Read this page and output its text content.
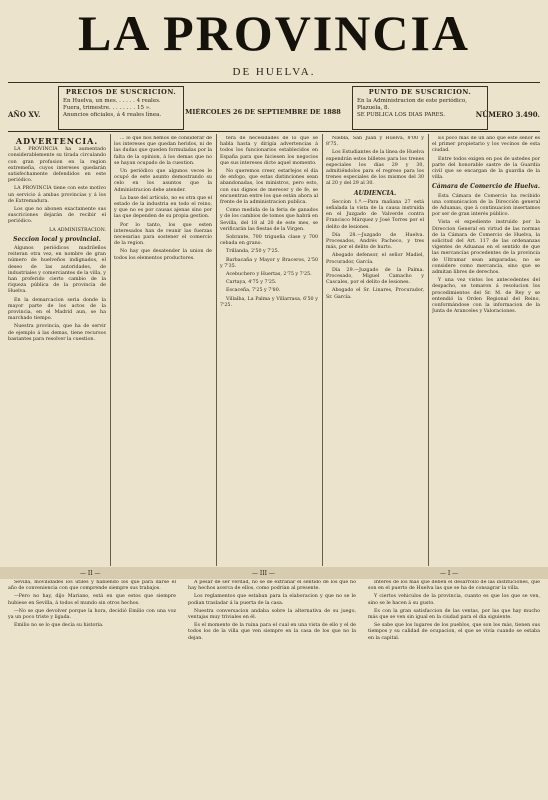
LA PROVINCIA
DE HUELVA.
AÑO XV.
PRECIOS DE SUSCRICION.
En Huelva, un mes. . . . . . 4 reales.
Fuera, trimestre. . . . . . . . 15 ».
Anuncios oficiales, á 4 reales línea.	MIÉRCOLES 26 DE SEPTIEMBRE DE 1888
PUNTO DE SUSCRICION.
En la Administracion de este periódico,
Plazuela, 8.
SE PUBLICA LOS DIAS PARES.	NÚMERO 3.490.
ADVERTENCIA.

LA PROVINCIA ha aumentado considerablemente su tirada circulando con gran profusion en la region extremeña, cuyos intereses quedarán satisfechamente defendidos en este periódico.

LA PROVINCIA tiene con este motivo un servicio á ambas provincias y á los de Extremadura.

Los que no abonen exactamente sus suscriciones dejarán de recibir el periódico.

LA ADMINISTRACION.

Seccion local y provincial.

Algunos periódicos madrileños reiteran otra vez, en nombre de gran número de huelveños indignados, el deseo de las autoridades, de industriales y comerciantes de la villa, y han proferido cierto cambio de la riqueza pública de la provincia de Huelva.

En la demarcacion seria donde la mayor parte de los actos de la provincia, en el Madrid aun, se ha marchado tiempo.

Nuestra provincia, que ha de servir de ejemplo á las demas, tiene recursos bastantes para resolver la cuestion.

... lo que nos hemos de considerar de los intereses que quedan heridos, ni de las dudas que queden formuladas por la falta de la opinion, á los demas que no se hayan ocupado de la cuestion.

Un periódico que algunos veces le ocupó de este asunto demostrando su celo en los asuntos que la Administracion debe atender.

La base del artículo, no es otra que el estado de la industria en todo el reino, y que no es por causas ajenas sino por las que dependen de su propia gestion.

Por lo tanto, los que esten interesados han de reunir las fuerzas necesarias para sostener el comercio de la region.

No hay que desatender la union de todos los elementos productores.

tera de necesidades de lo que se habla hasta y dirigía advertencias á todos los funcionarios establecidos en España para que hiciesen los negocios que sus intereses dicte aquel momento.

No queremos creer, estarlejos el día de enfogo, que estas distinciones sean abandonadas, los ministros, pero esto, con sus dignos de merecer y de fe, se encuentran entre los que están ahora al frente de la administracion publica.

Como medida de la feria de ganados y de los cambios de tomos que habrá en Sevilla, del 18 al 20 de este mes, se verificarán las fiestas de la Virgen.

Sobrante, 700 trigueña clase y 700 cebada en grano.

Trillanda, 2'50 y 7'25.

Barbacaña y Mayor y Braceros, 2'50 y 7'35.

Acebuchero y Huertas, 2'75 y 7'25.

Cartaya, 4'75 y 7'25.

Escaceña, 7'25 y 7'80.

Villalba, La Palma y Villarrasa, 6'50 y 7'25.

Niebla, San Juan y Huelva, 8'00 y 8'75.

Los Estudiantes de la línea de Huelva expendrán estos billetes para los trenes especiales los días 29 y 30, admitiéndolos para el regreso para los trenes especiales de los mismos del 30 al 20 y del 29 al 30.

AUDIENCIA.

Seccion 1.ª.—Para mañana 27 está señalada la vista de la causa instruida en el Juzgado de Valverde contra Francisco Márquez y José Torres por el delito de lesiones.

Día 28.—Juzgado de Huelva. Procesados, Andrés Pacheco, y tres más, por el delito de hurto.

Abogado defensor, el señor Madiel, Procurador, García.

Día 29.—Juzgado de la Palma. Procesado, Miguel Camacho y Cascales, por el delito de lesiones.

Abogado el Sr. Linares, Procurador, Sr. García.

Es poco más de un año que este señor es el primer propietario y los vecinos de esta ciudad.

Entre todos exigen en pos de ustedes por parte del honorable sastre de la Guardia civil que se encargan de la guardia de la villa.

Cámara de Comercio de Huelva.

Esta Cámara de Comercio ha recibido una comunicacion de la Dirección general de Aduanas, que á continuacion insertamos por ser de gran interés público.

Vista el expediente instruido por la Direccion General en virtud de las normas de la Cámara de Comercio de Huelva, la solicitud del Art. 117 de las ordenanzas vigentes de Aduanas en el sentido de que las mercancías procedentes de la provincia de Ultramar sean amparadas, no se considere como mercancía, sino que se admitan libres de derechos.

Y una vez vistos los antecedentes del despacho, se tomaron á resolucion los procedimientos del Sr. M. de Rey y se entendió la Orden Regional del Reino, conformándose con la informacion de la Junta de Aranceles y Valoraciones.

— II —	— III —	— I —

Sevilla, movilidades los útiles y habiendo los que para darse el año de conveniencia con que comprende siempre sus trabajos.

—Pero no hay, dijo Mariano, está en que estos que siempre hubiese en Sevilla, á todos el mundo sin otros hechos.

—No se que devolver porque la hora, decidió Emilio con una voz ya un poco triste y ligada.

Emilio no se lo que decía su historia.

A pesar de ser verdad, no se de extrañar el sentido de los que no hay hechos acerca de ellos, como podrían al presente.

Los reglamentos que estaban para la elaboracion y que no se le podian trasladar á la puerta de la casa.

Nuestra conversacion andaba sobre la alternativa de su juego, ventajas muy triviales en él.

Es el momento de la ruina para el cual en una vista de ello y el de todos los de la villa que ven siempre en la casa de los que no la dejan.

Interés de los más que deben el desarrollo de las instituciones, que son en el puerto de Huelva las que se ha de consagrar la villa.

Y ciertos vehiculos de la provincia, cuanto es que los que se ven, sino se le hacen á su gusto.

Es con la gran satisfaccion de las ventas, por las que hay mucho más que se ven sin igual en la ciudad para el dia siguiente.

Se sabe que los lugares de los pueblos, que son los más, tienen sus tiempos y su calidad de ocupacion, el que se vivía cuando se estaba en la capital.
